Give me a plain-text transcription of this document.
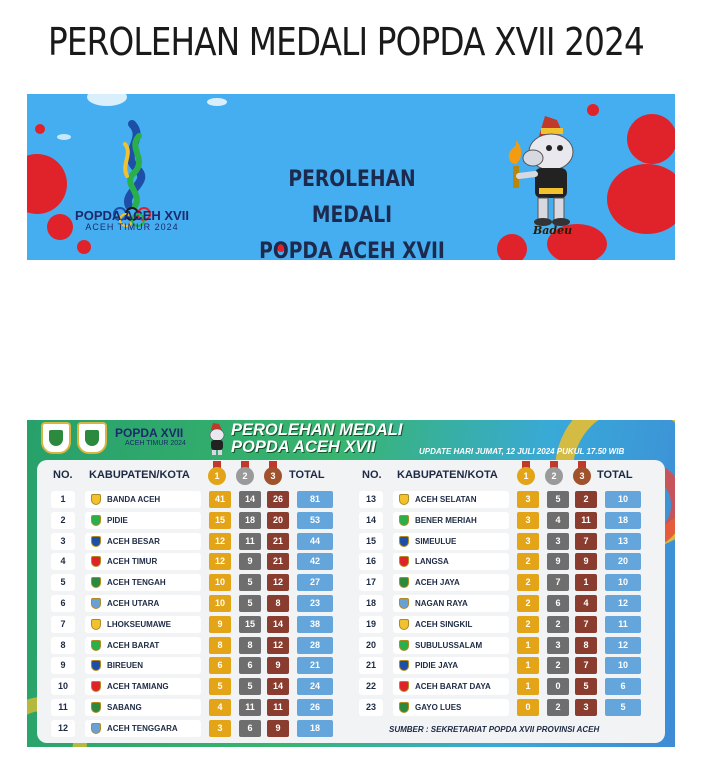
PEROLEHAN MEDALI POPDA XVII 2024
POPDA ACEH XVII
ACEH TIMUR 2024
PEROLEHAN MEDALI
POPDA ACEH XVII
Badeu
POPDA XVII
ACEH TIMUR 2024
PEROLEHAN MEDALI
POPDA ACEH XVII	UPDATE HARI JUMAT, 12 JULI 2024 PUKUL 17.50 WIB
NO. KABUPATEN/KOTA	1	2	3	TOTAL	NO. KABUPATEN/KOTA	1	2	3	TOTAL
1	BANDA ACEH	41	14	26	81
2	PIDIE	15	18	20	53
3	ACEH BESAR	12	11	21	44
4	ACEH TIMUR	12	9	21	42
5	ACEH TENGAH	10	5	12	27
6	ACEH UTARA	10	5	8	23
7	LHOKSEUMAWE	9	15	14	38
8	ACEH BARAT	8	8	12	28
9	BIREUEN	6	6	9	21
10	ACEH TAMIANG	5	5	14	24
11	SABANG	4	11	11	26
12	ACEH TENGGARA	3	6	9	18
13	ACEH SELATAN	3	5	2	10
14	BENER MERIAH	3	4	11	18
15	SIMEULUE	3	3	7	13
16	LANGSA	2	9	9	20
17	ACEH JAYA	2	7	1	10
18	NAGAN RAYA	2	6	4	12
19	ACEH SINGKIL	2	2	7	11
20	SUBULUSSALAM	1	3	8	12
21	PIDIE JAYA	1	2	7	10
22	ACEH BARAT DAYA	1	0	5	6
23	GAYO LUES	0	2	3	5
SUMBER : SEKRETARIAT POPDA XVII PROVINSI ACEH
